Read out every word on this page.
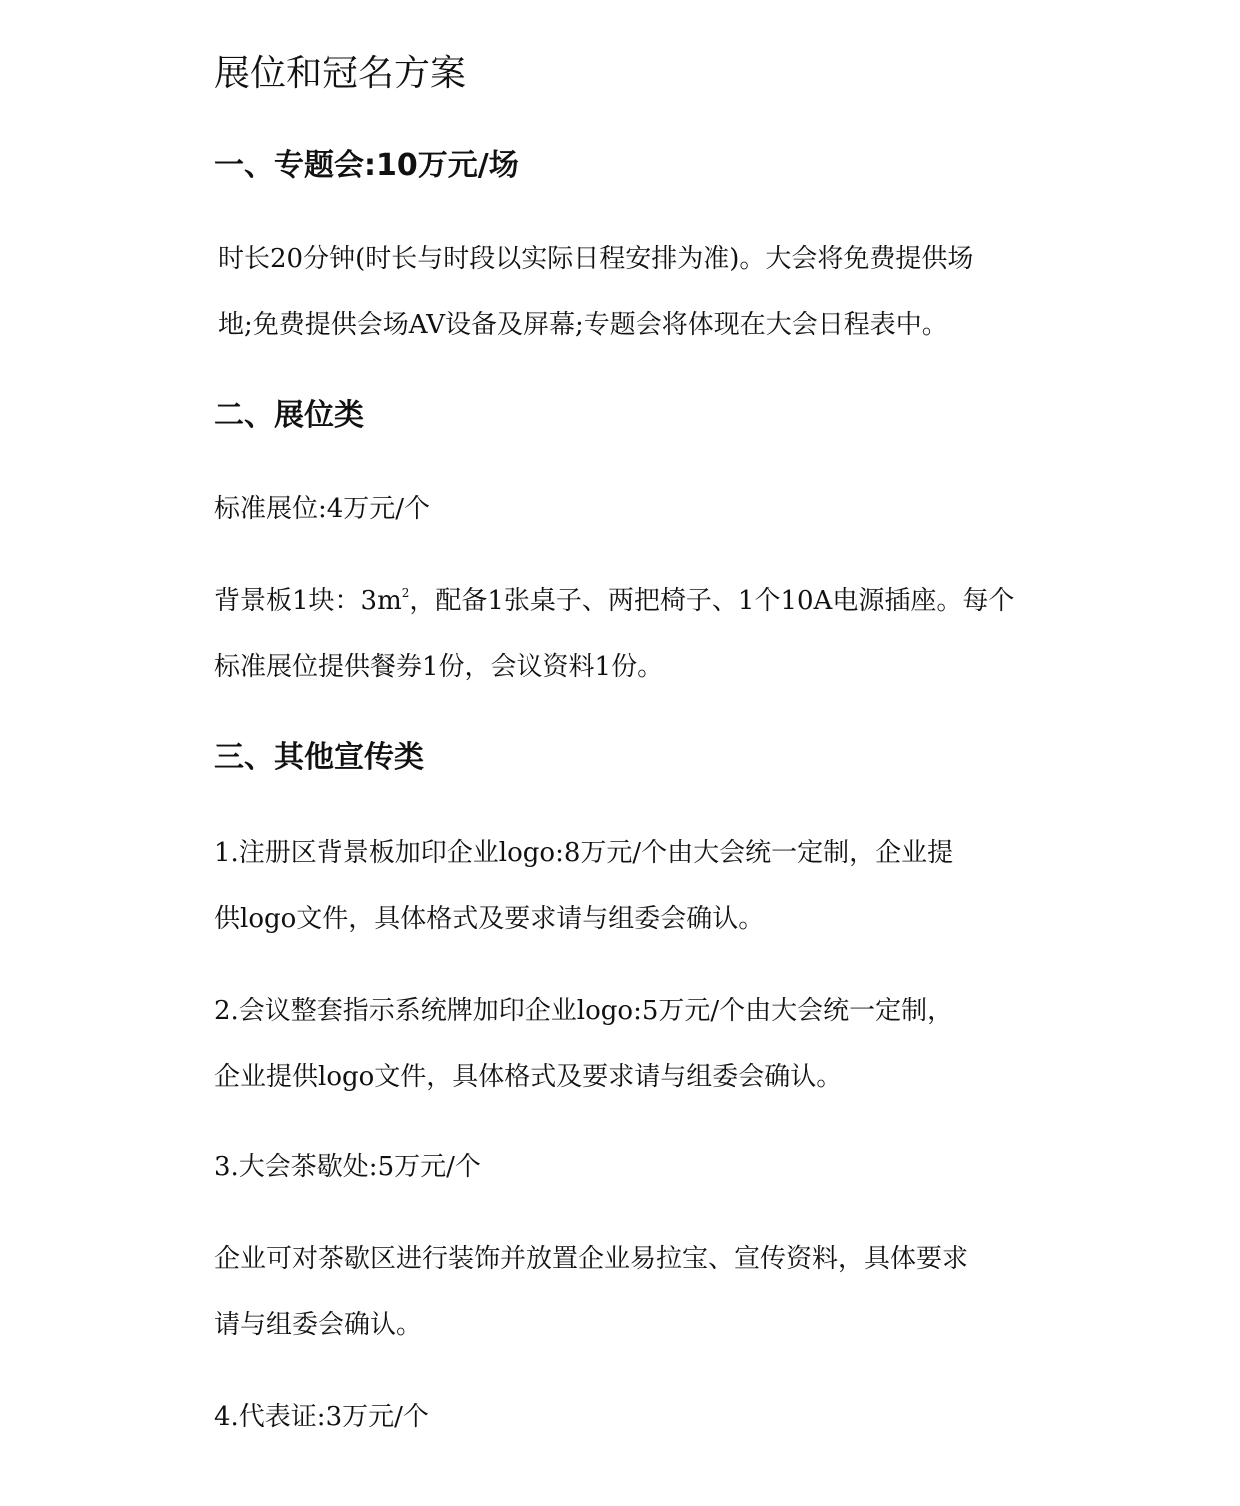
展位和冠名方案
一、专题会:10万元/场

时长20分钟(时长与时段以实际日程安排为准)。大会将免费提供场
地;免费提供会场AV设备及屏幕;专题会将体现在大会日程表中。

二、展位类

标准展位:4万元/个

背景板1块：$3m^2$，配备1张桌子、两把椅子、1个10A电源插座。每个
标准展位提供餐券1份，会议资料1份。

三、其他宣传类

1.注册区背景板加印企业logo:8万元/个由大会统一定制，企业提
供logo文件，具体格式及要求请与组委会确认。

2.会议整套指示系统牌加印企业logo:5万元/个由大会统一定制，
企业提供logo文件，具体格式及要求请与组委会确认。

3.大会茶歇处:5万元/个

企业可对茶歇区进行装饰并放置企业易拉宝、宣传资料，具体要求
请与组委会确认。

4.代表证:3万元/个
